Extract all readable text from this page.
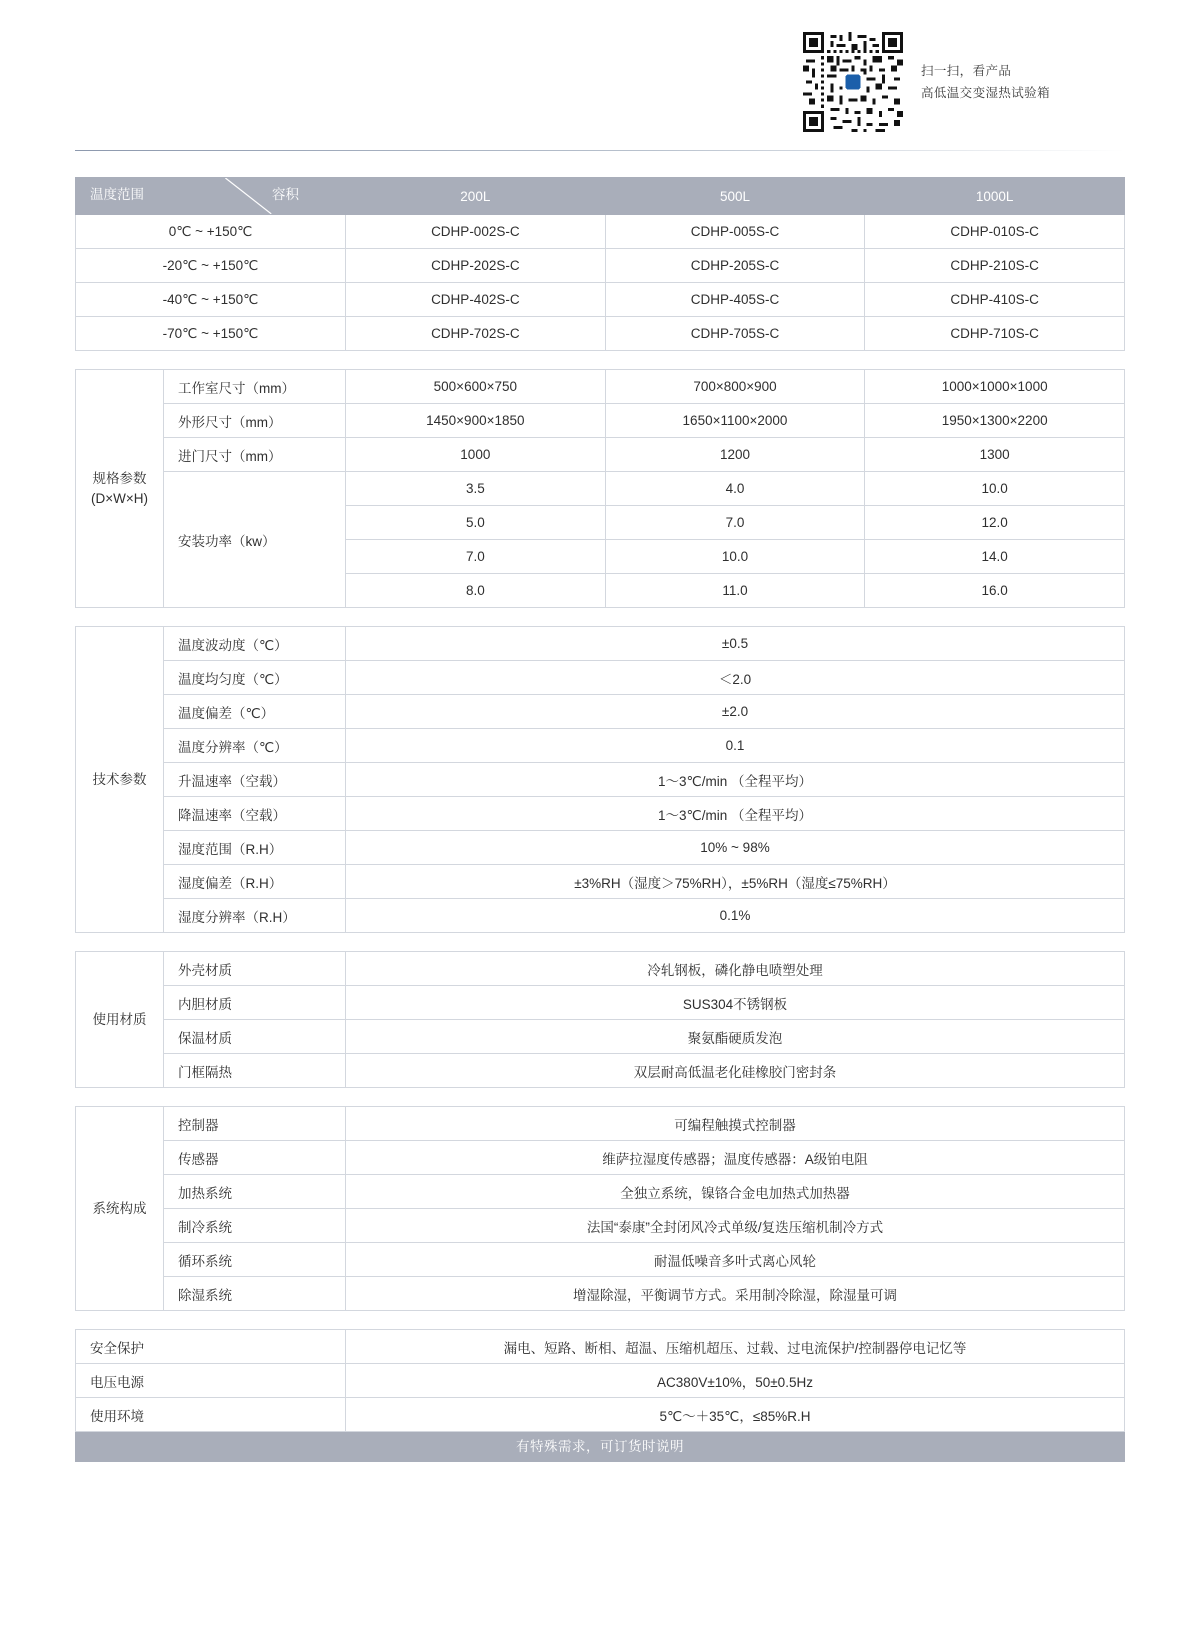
扫一扫，看产品
高低温交变湿热试验箱
温度范围 容积	200L	500L	1000L
0℃ ~ +150℃	CDHP-002S-C	CDHP-005S-C	CDHP-010S-C
-20℃ ~ +150℃	CDHP-202S-C	CDHP-205S-C	CDHP-210S-C
-40℃ ~ +150℃	CDHP-402S-C	CDHP-405S-C	CDHP-410S-C
-70℃ ~ +150℃	CDHP-702S-C	CDHP-705S-C	CDHP-710S-C
规格参数
(D×W×H)	工作室尺寸（mm）	500×600×750	700×800×900	1000×1000×1000
	外形尺寸（mm）	1450×900×1850	1650×1100×2000	1950×1300×2200
	进门尺寸（mm）	1000	1200	1300
	安装功率（kw）	3.5	4.0	10.0
		5.0	7.0	12.0
		7.0	10.0	14.0
		8.0	11.0	16.0
技术参数	温度波动度（℃）	±0.5
	温度均匀度（℃）	＜2.0
	温度偏差（℃）	±2.0
	温度分辨率（℃）	0.1
	升温速率（空载）	1～3℃/min （全程平均）
	降温速率（空载）	1～3℃/min （全程平均）
	湿度范围（R.H）	10% ~ 98%
	湿度偏差（R.H）	±3%RH（湿度＞75%RH），±5%RH（湿度≤75%RH）
	湿度分辨率（R.H）	0.1%
使用材质	外壳材质	冷轧钢板，磷化静电喷塑处理
	内胆材质	SUS304不锈钢板
	保温材质	聚氨酯硬质发泡
	门框隔热	双层耐高低温老化硅橡胶门密封条
系统构成	控制器	可编程触摸式控制器
	传感器	维萨拉湿度传感器；温度传感器：A级铂电阻
	加热系统	全独立系统，镍铬合金电加热式加热器
	制冷系统	法国“泰康”全封闭风冷式单级/复迭压缩机制冷方式
	循环系统	耐温低噪音多叶式离心风轮
	除湿系统	增湿除湿，平衡调节方式。采用制冷除湿，除湿量可调
安全保护	漏电、短路、断相、超温、压缩机超压、过载、过电流保护/控制器停电记忆等
电压电源	AC380V±10%，50±0.5Hz
使用环境	5℃～＋35℃，≤85%R.H
有特殊需求，可订货时说明
